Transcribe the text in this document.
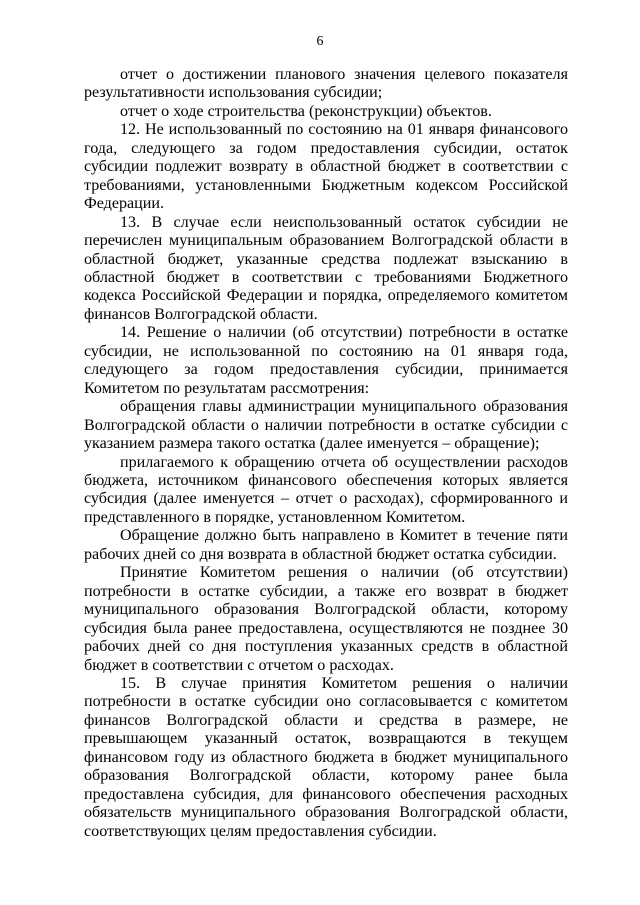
6

отчет о достижении планового значения целевого показателя результативности использования субсидии;

отчет о ходе строительства (реконструкции) объектов.

12. Не использованный по состоянию на 01 января финансового года, следующего за годом предоставления субсидии, остаток субсидии подлежит возврату в областной бюджет в соответствии с требованиями, установленными Бюджетным кодексом Российской Федерации.

13. В случае если неиспользованный остаток субсидии не перечислен муниципальным образованием Волгоградской области в областной бюджет, указанные средства подлежат взысканию в областной бюджет в соответствии с требованиями Бюджетного кодекса Российской Федерации и порядка, определяемого комитетом финансов Волгоградской области.

14. Решение о наличии (об отсутствии) потребности в остатке субсидии, не использованной по состоянию на 01 января года, следующего за годом предоставления субсидии, принимается Комитетом по результатам рассмотрения:

обращения главы администрации муниципального образования Волгоградской области о наличии потребности в остатке субсидии с указанием размера такого остатка (далее именуется – обращение);

прилагаемого к обращению отчета об осуществлении расходов бюджета, источником финансового обеспечения которых является субсидия (далее именуется – отчет о расходах), сформированного и представленного в порядке, установленном Комитетом.

Обращение должно быть направлено в Комитет в течение пяти рабочих дней со дня возврата в областной бюджет остатка субсидии.

Принятие Комитетом решения о наличии (об отсутствии) потребности в остатке субсидии, а также его возврат в бюджет муниципального образования Волгоградской области, которому субсидия была ранее предоставлена, осуществляются не позднее 30 рабочих дней со дня поступления указанных средств в областной бюджет в соответствии с отчетом о расходах.

15. В случае принятия Комитетом решения о наличии потребности в остатке субсидии оно согласовывается с комитетом финансов Волгоградской области и средства в размере, не превышающем указанный остаток, возвращаются в текущем финансовом году из областного бюджета в бюджет муниципального образования Волгоградской области, которому ранее была предоставлена субсидия, для финансового обеспечения расходных обязательств муниципального образования Волгоградской области, соответствующих целям предоставления субсидии.
